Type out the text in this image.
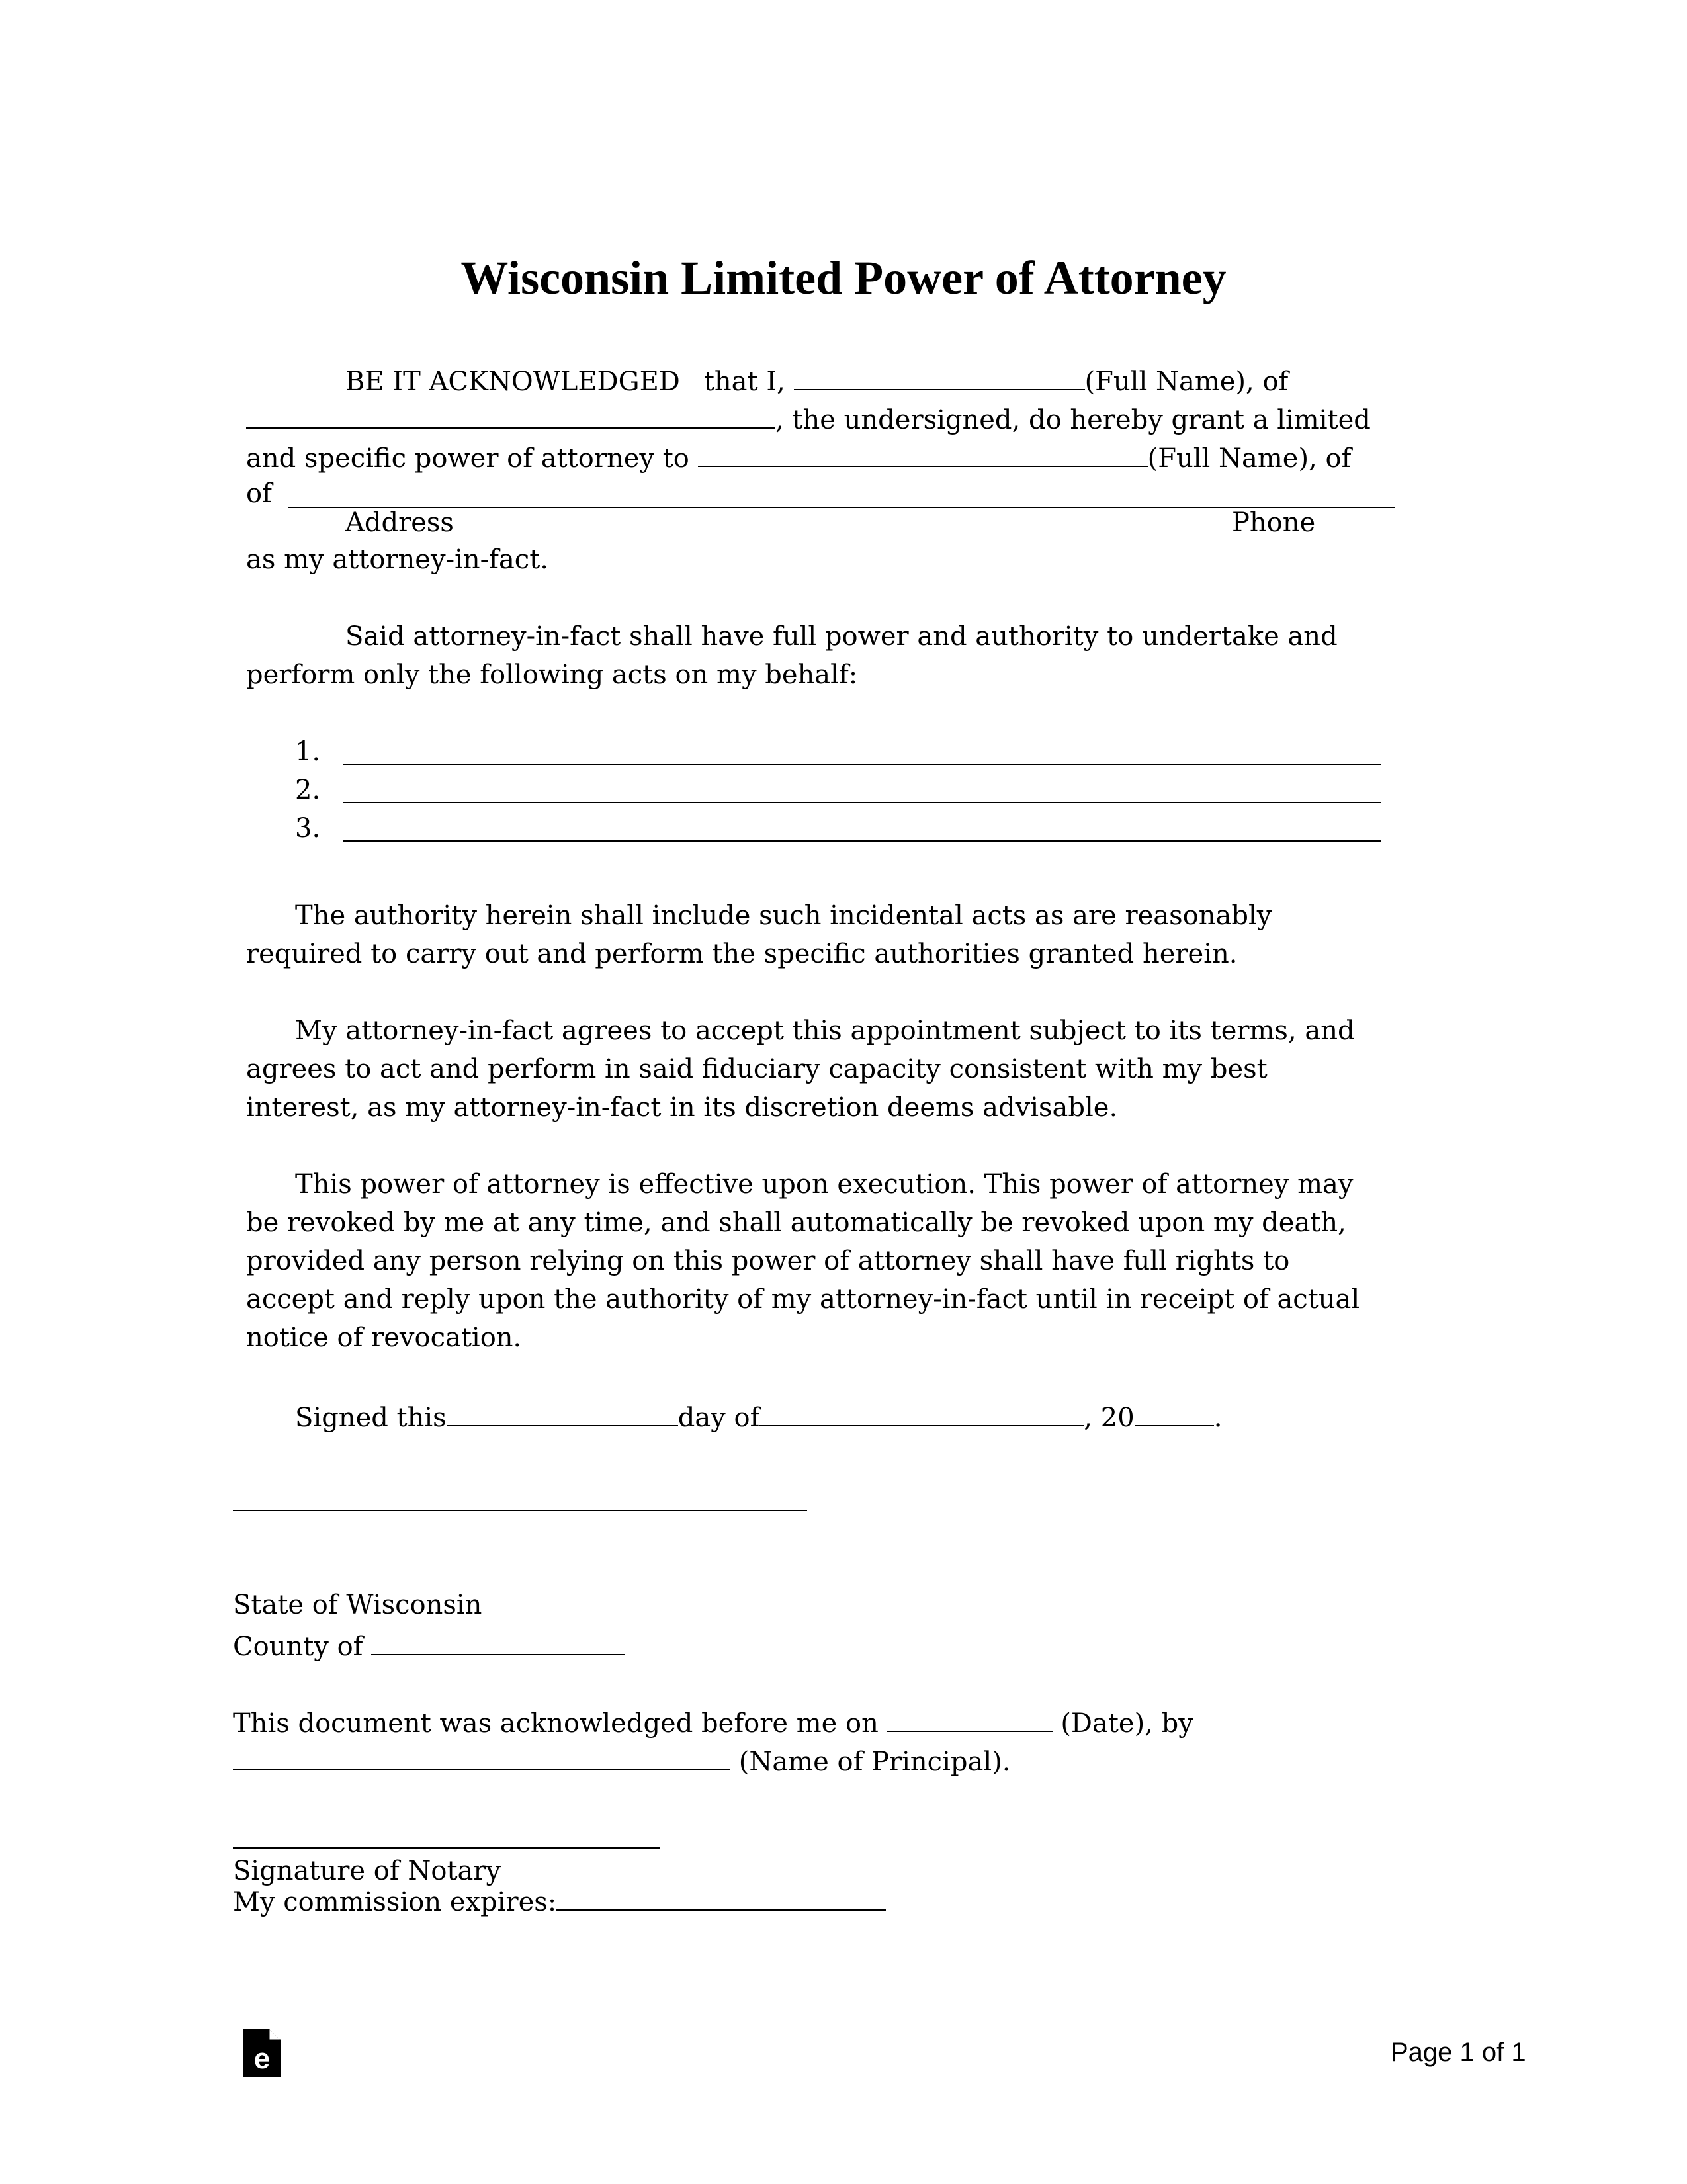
Wisconsin Limited Power of Attorney
BE IT ACKNOWLEDGED that I,	(Full Name), of
, the undersigned, do hereby grant a limited
and specific power of attorney to	(Full Name), of
of
Address	Phone
as my attorney-in-fact.
Said attorney-in-fact shall have full power and authority to undertake and
perform only the following acts on my behalf:
1.
2.
3.
The authority herein shall include such incidental acts as are reasonably
required to carry out and perform the specific authorities granted herein.
My attorney-in-fact agrees to accept this appointment subject to its terms, and
agrees to act and perform in said fiduciary capacity consistent with my best
interest, as my attorney-in-fact in its discretion deems advisable.
This power of attorney is effective upon execution. This power of attorney may
be revoked by me at any time, and shall automatically be revoked upon my death,
provided any person relying on this power of attorney shall have full rights to
accept and reply upon the authority of my attorney-in-fact until in receipt of actual
notice of revocation.
Signed this	day of	, 20	.
State of Wisconsin
County of
This document was acknowledged before me on	(Date), by
(Name of Principal).
Signature of Notary
My commission expires:
e	Page 1 of 1
